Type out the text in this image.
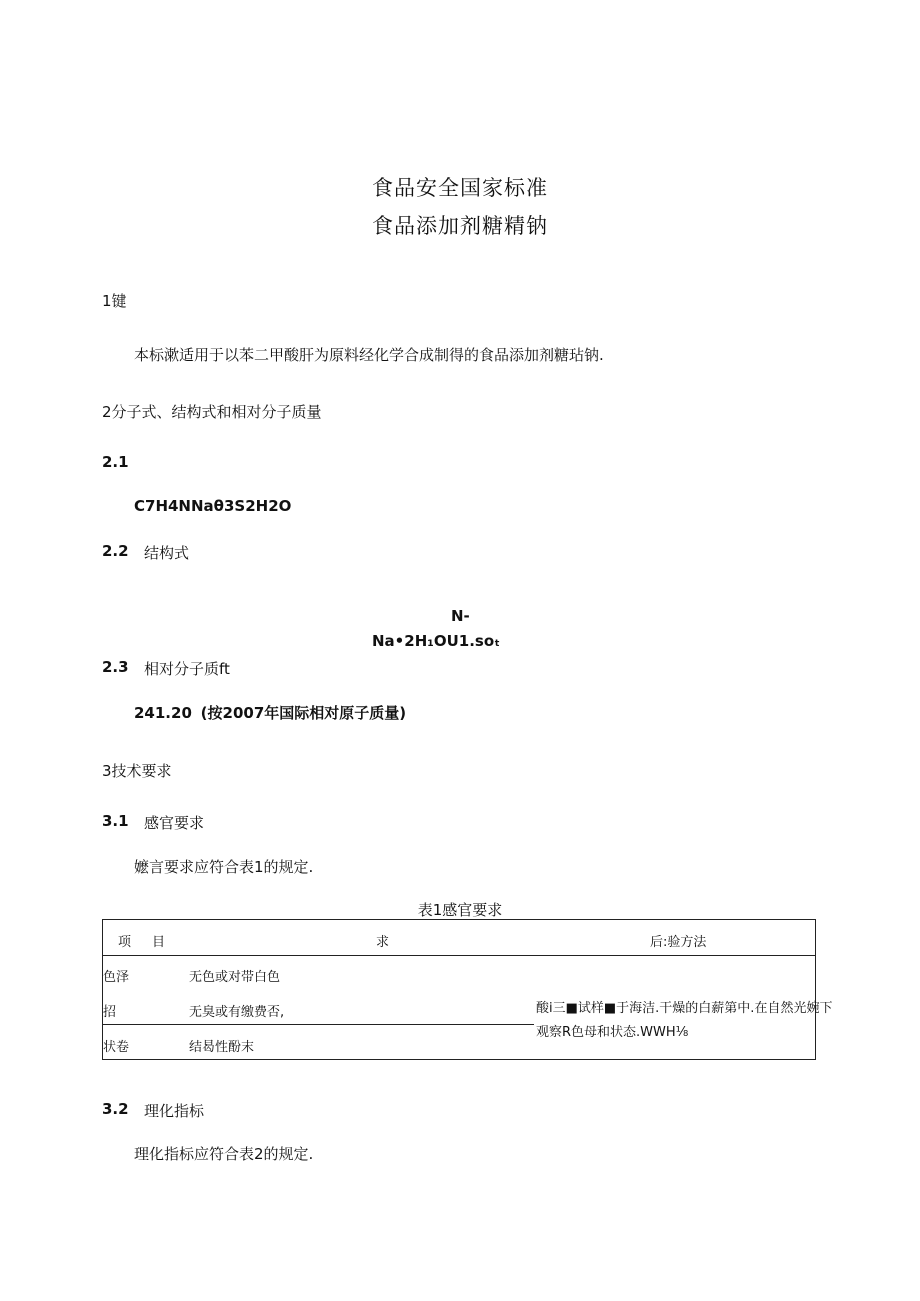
食品安全国家标准
食品添加剂糖精钠
1键
本标漱适用于以苯二甲酸肝为原料经化学合成制得的食品添加剂糖玷钠.
2分子式、结构式和相对分子质量
2.1
C7H4NNaθ3S2H2O
2.2 结构式
N-
Na•2H₁OU1.soₜ
2.3 相对分子质ft
241.20 (按2007年国际相对原子质量)
3技术要求
3.1 感官要求
嬷言要求应符合表1的规定.
表1感官要求
项 目	求	后:验方法
色泽	无色或对带白色
招	无臭或有缴费否,
状卷	结曷性酚末
酸i三■试样■于海洁.干燥的白薪第中.在自然光婉下
观察R色母和状态.WWH⅛
3.2 理化指标
理化指标应符合表2的规定.
